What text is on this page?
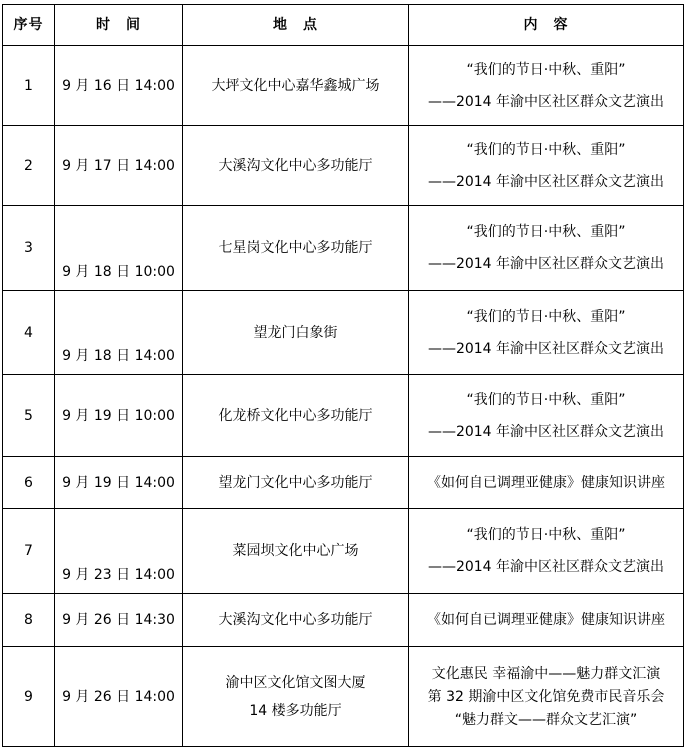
序号	时　间	地　点	内　容
1	9 月 16 日 14:00	大坪文化中心嘉华鑫城广场	“我们的节日·中秋、重阳”
——2014 年渝中区社区群众文艺演出

2	9 月 17 日 14:00	大溪沟文化中心多功能厅	“我们的节日·中秋、重阳”
——2014 年渝中区社区群众文艺演出

3	9 月 18 日 10:00	七星岗文化中心多功能厅	“我们的节日·中秋、重阳”
——2014 年渝中区社区群众文艺演出

4	9 月 18 日 14:00	望龙门白象街	“我们的节日·中秋、重阳”
——2014 年渝中区社区群众文艺演出

5	9 月 19 日 10:00	化龙桥文化中心多功能厅	“我们的节日·中秋、重阳”
——2014 年渝中区社区群众文艺演出

6	9 月 19 日 14:00	望龙门文化中心多功能厅	《如何自已调理亚健康》健康知识讲座

7	9 月 23 日 14:00	菜园坝文化中心广场	“我们的节日·中秋、重阳”
——2014 年渝中区社区群众文艺演出

8	9 月 26 日 14:30	大溪沟文化中心多功能厅	《如何自已调理亚健康》健康知识讲座

9	9 月 26 日 14:00	渝中区文化馆文图大厦
14 楼多功能厅	文化惠民 幸福渝中——魅力群文汇演
第 32 期渝中区文化馆免费市民音乐会
“魅力群文——群众文艺汇演”
